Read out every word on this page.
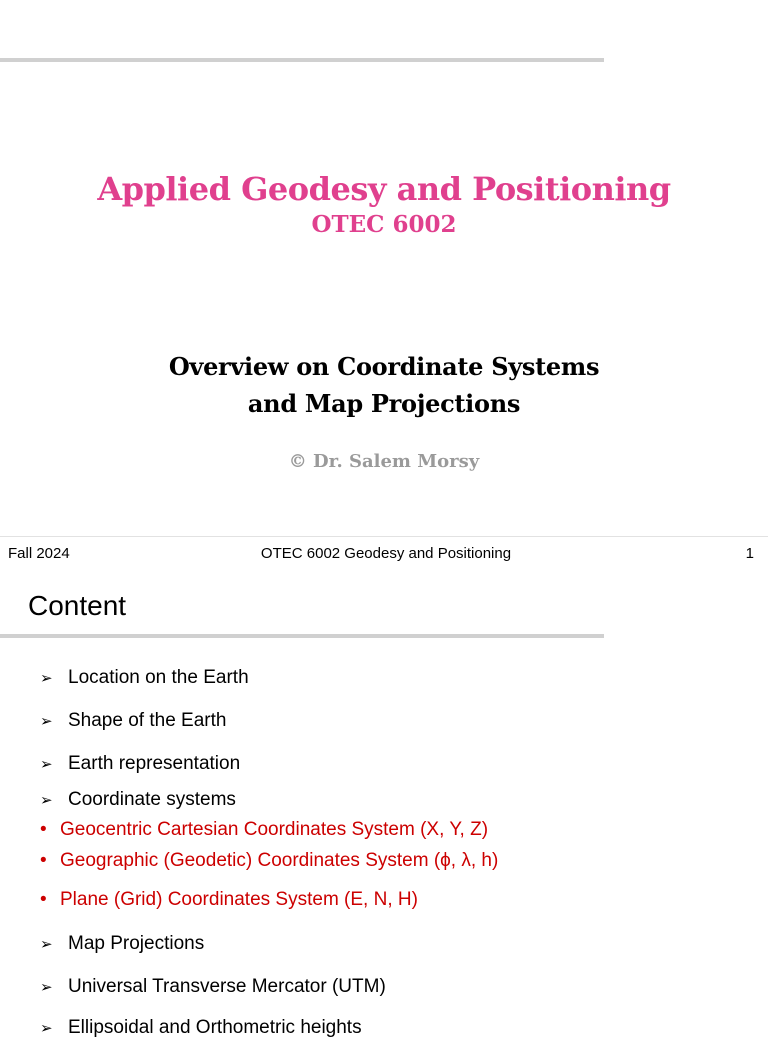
Applied Geodesy and Positioning
OTEC 6002
Overview on Coordinate Systems
and Map Projections
© Dr. Salem Morsy
Fall 2024	OTEC 6002 Geodesy and Positioning	1
Content
➢ Location on the Earth
➢ Shape of the Earth
➢ Earth representation
➢ Coordinate systems
• Geocentric Cartesian Coordinates System (X, Y, Z)
• Geographic (Geodetic) Coordinates System (ϕ, λ, h)
• Plane (Grid) Coordinates System (E, N, H)
➢ Map Projections
➢ Universal Transverse Mercator (UTM)
➢ Ellipsoidal and Orthometric heights
